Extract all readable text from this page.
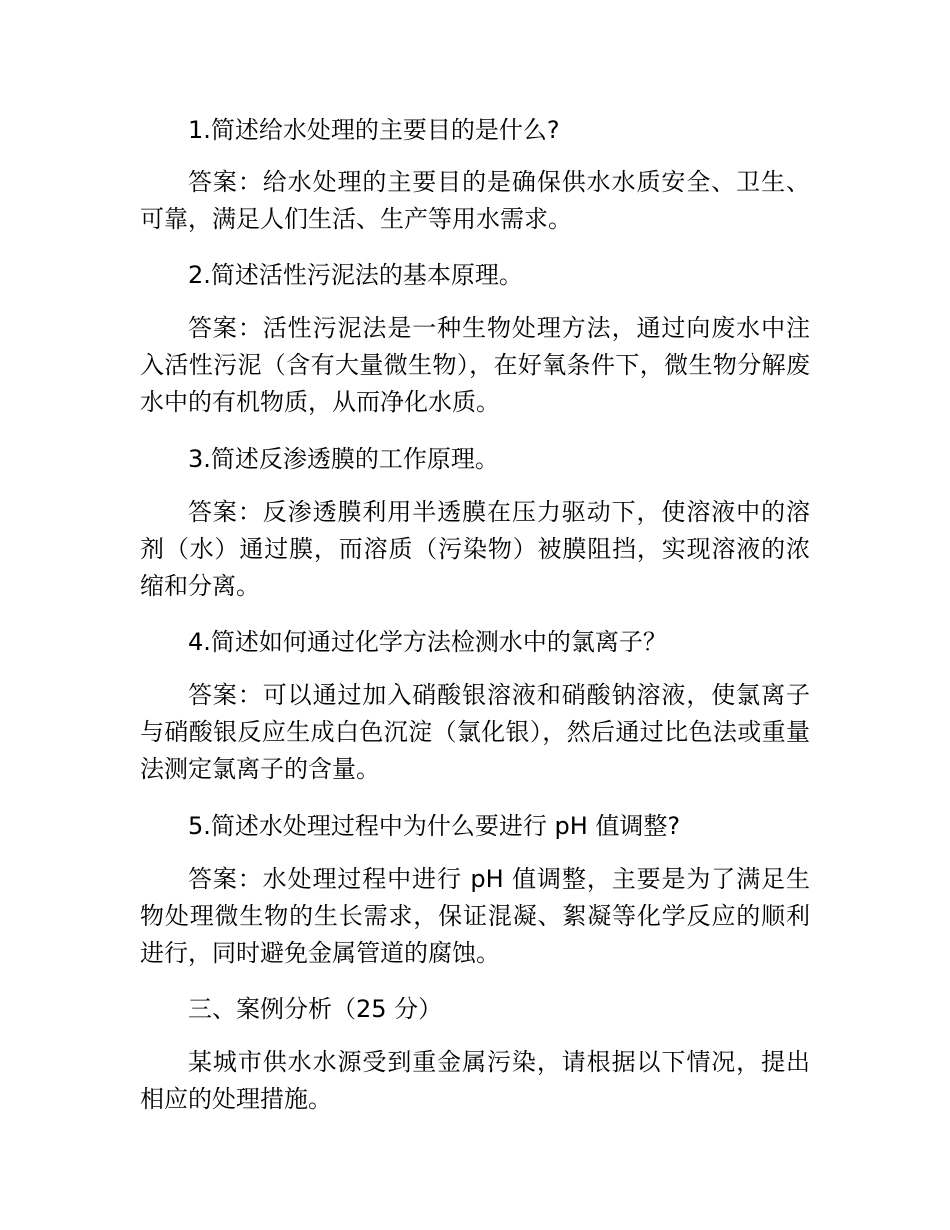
1.简述给水处理的主要目的是什么?

答案：给水处理的主要目的是确保供水水质安全、卫生、可靠，满足人们生活、生产等用水需求。

2.简述活性污泥法的基本原理。

答案：活性污泥法是一种生物处理方法，通过向废水中注入活性污泥（含有大量微生物），在好氧条件下，微生物分解废水中的有机物质，从而净化水质。

3.简述反渗透膜的工作原理。

答案：反渗透膜利用半透膜在压力驱动下，使溶液中的溶剂（水）通过膜，而溶质（污染物）被膜阻挡，实现溶液的浓缩和分离。

4.简述如何通过化学方法检测水中的氯离子？

答案：可以通过加入硝酸银溶液和硝酸钠溶液，使氯离子与硝酸银反应生成白色沉淀（氯化银），然后通过比色法或重量法测定氯离子的含量。

5.简述水处理过程中为什么要进行 pH 值调整?

答案：水处理过程中进行 pH 值调整，主要是为了满足生物处理微生物的生长需求，保证混凝、絮凝等化学反应的顺利进行，同时避免金属管道的腐蚀。

三、案例分析（25 分）

某城市供水水源受到重金属污染，请根据以下情况，提出相应的处理措施。
